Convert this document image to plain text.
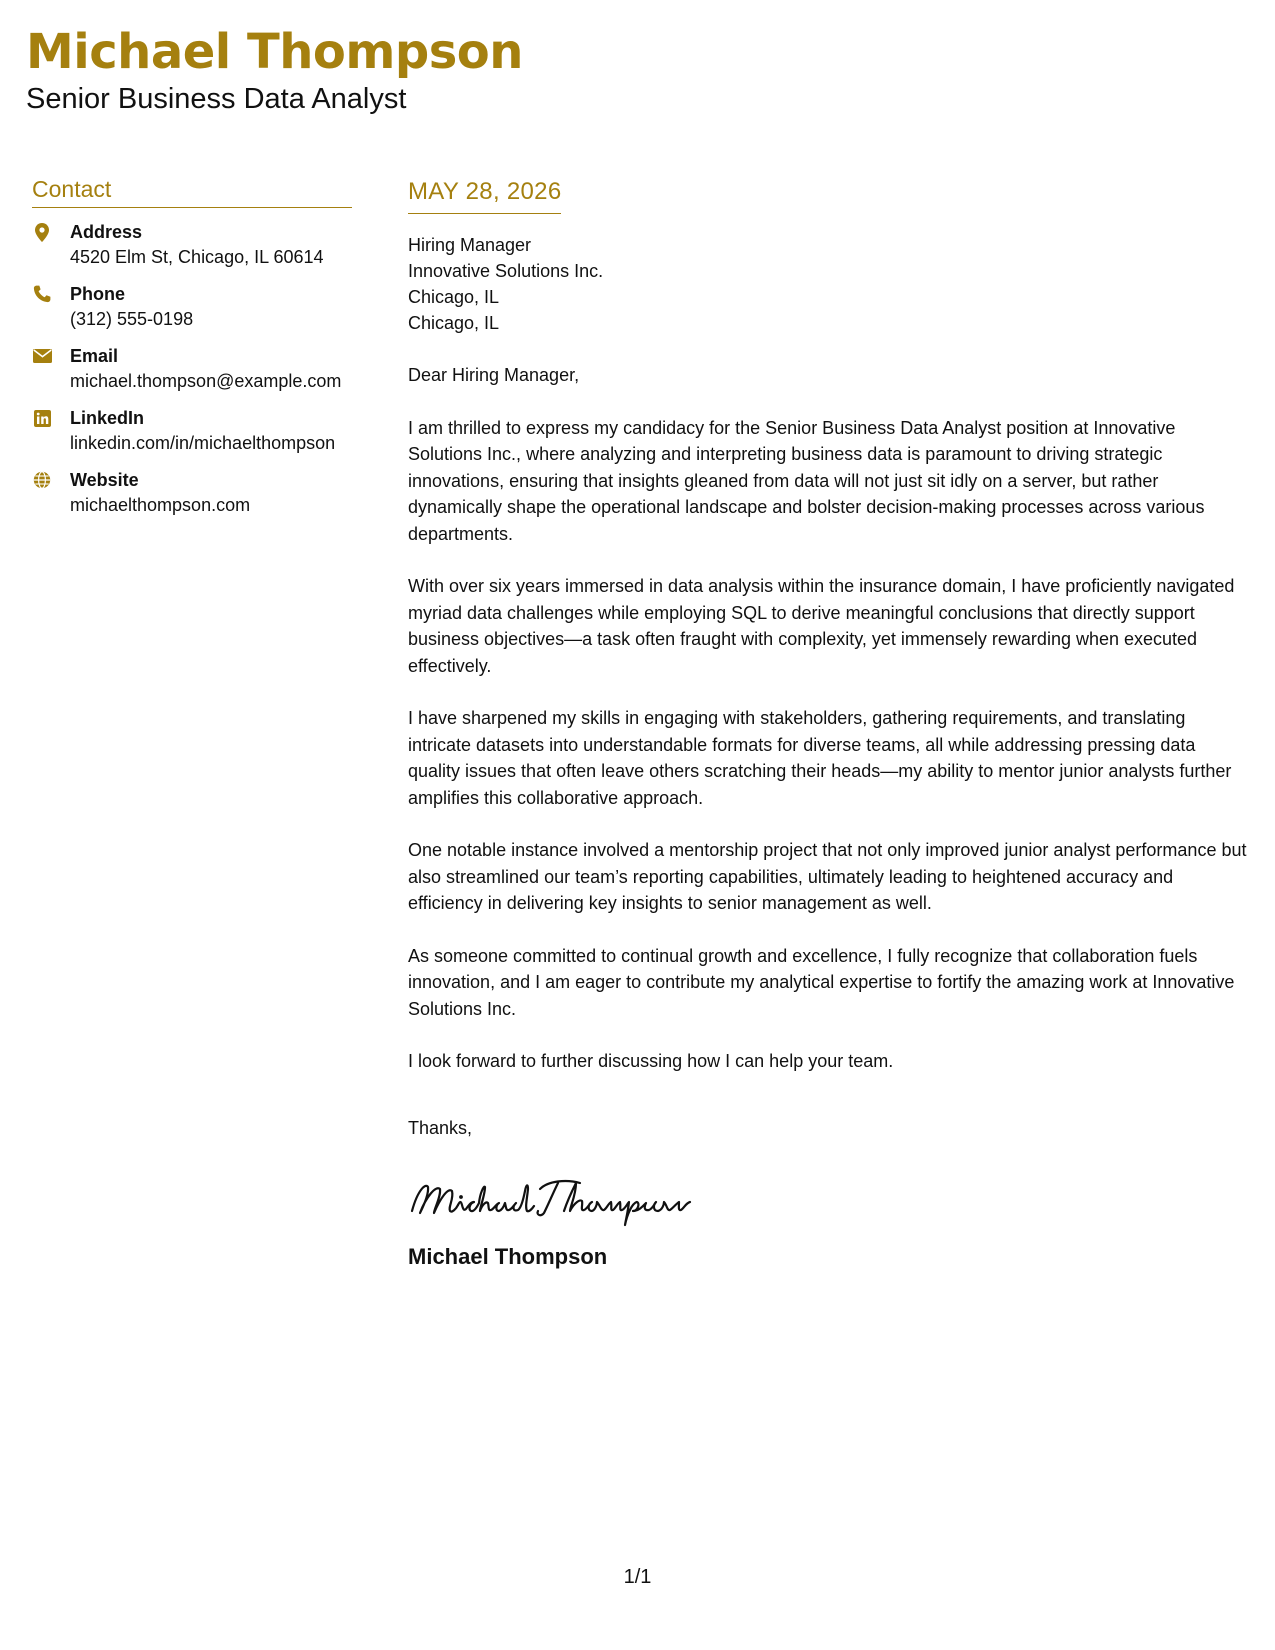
Michael Thompson
Senior Business Data Analyst
Contact
Address
4520 Elm St, Chicago, IL 60614
Phone
(312) 555-0198
Email
michael.thompson@example.com
LinkedIn
linkedin.com/in/michaelthompson
Website
michaelthompson.com
MAY 28, 2026
Hiring Manager
Innovative Solutions Inc.
Chicago, IL
Chicago, IL
Dear Hiring Manager,

I am thrilled to express my candidacy for the Senior Business Data Analyst position at Innovative Solutions Inc., where analyzing and interpreting business data is paramount to driving strategic innovations, ensuring that insights gleaned from data will not just sit idly on a server, but rather dynamically shape the operational landscape and bolster decision-making processes across various departments.

With over six years immersed in data analysis within the insurance domain, I have proficiently navigated myriad data challenges while employing SQL to derive meaningful conclusions that directly support business objectives—a task often fraught with complexity, yet immensely rewarding when executed effectively.

I have sharpened my skills in engaging with stakeholders, gathering requirements, and translating intricate datasets into understandable formats for diverse teams, all while addressing pressing data quality issues that often leave others scratching their heads—my ability to mentor junior analysts further amplifies this collaborative approach.

One notable instance involved a mentorship project that not only improved junior analyst performance but also streamlined our team’s reporting capabilities, ultimately leading to heightened accuracy and efficiency in delivering key insights to senior management as well.

As someone committed to continual growth and excellence, I fully recognize that collaboration fuels innovation, and I am eager to contribute my analytical expertise to fortify the amazing work at Innovative Solutions Inc.

I look forward to further discussing how I can help your team.

Thanks,
Michael Thompson
1/1
